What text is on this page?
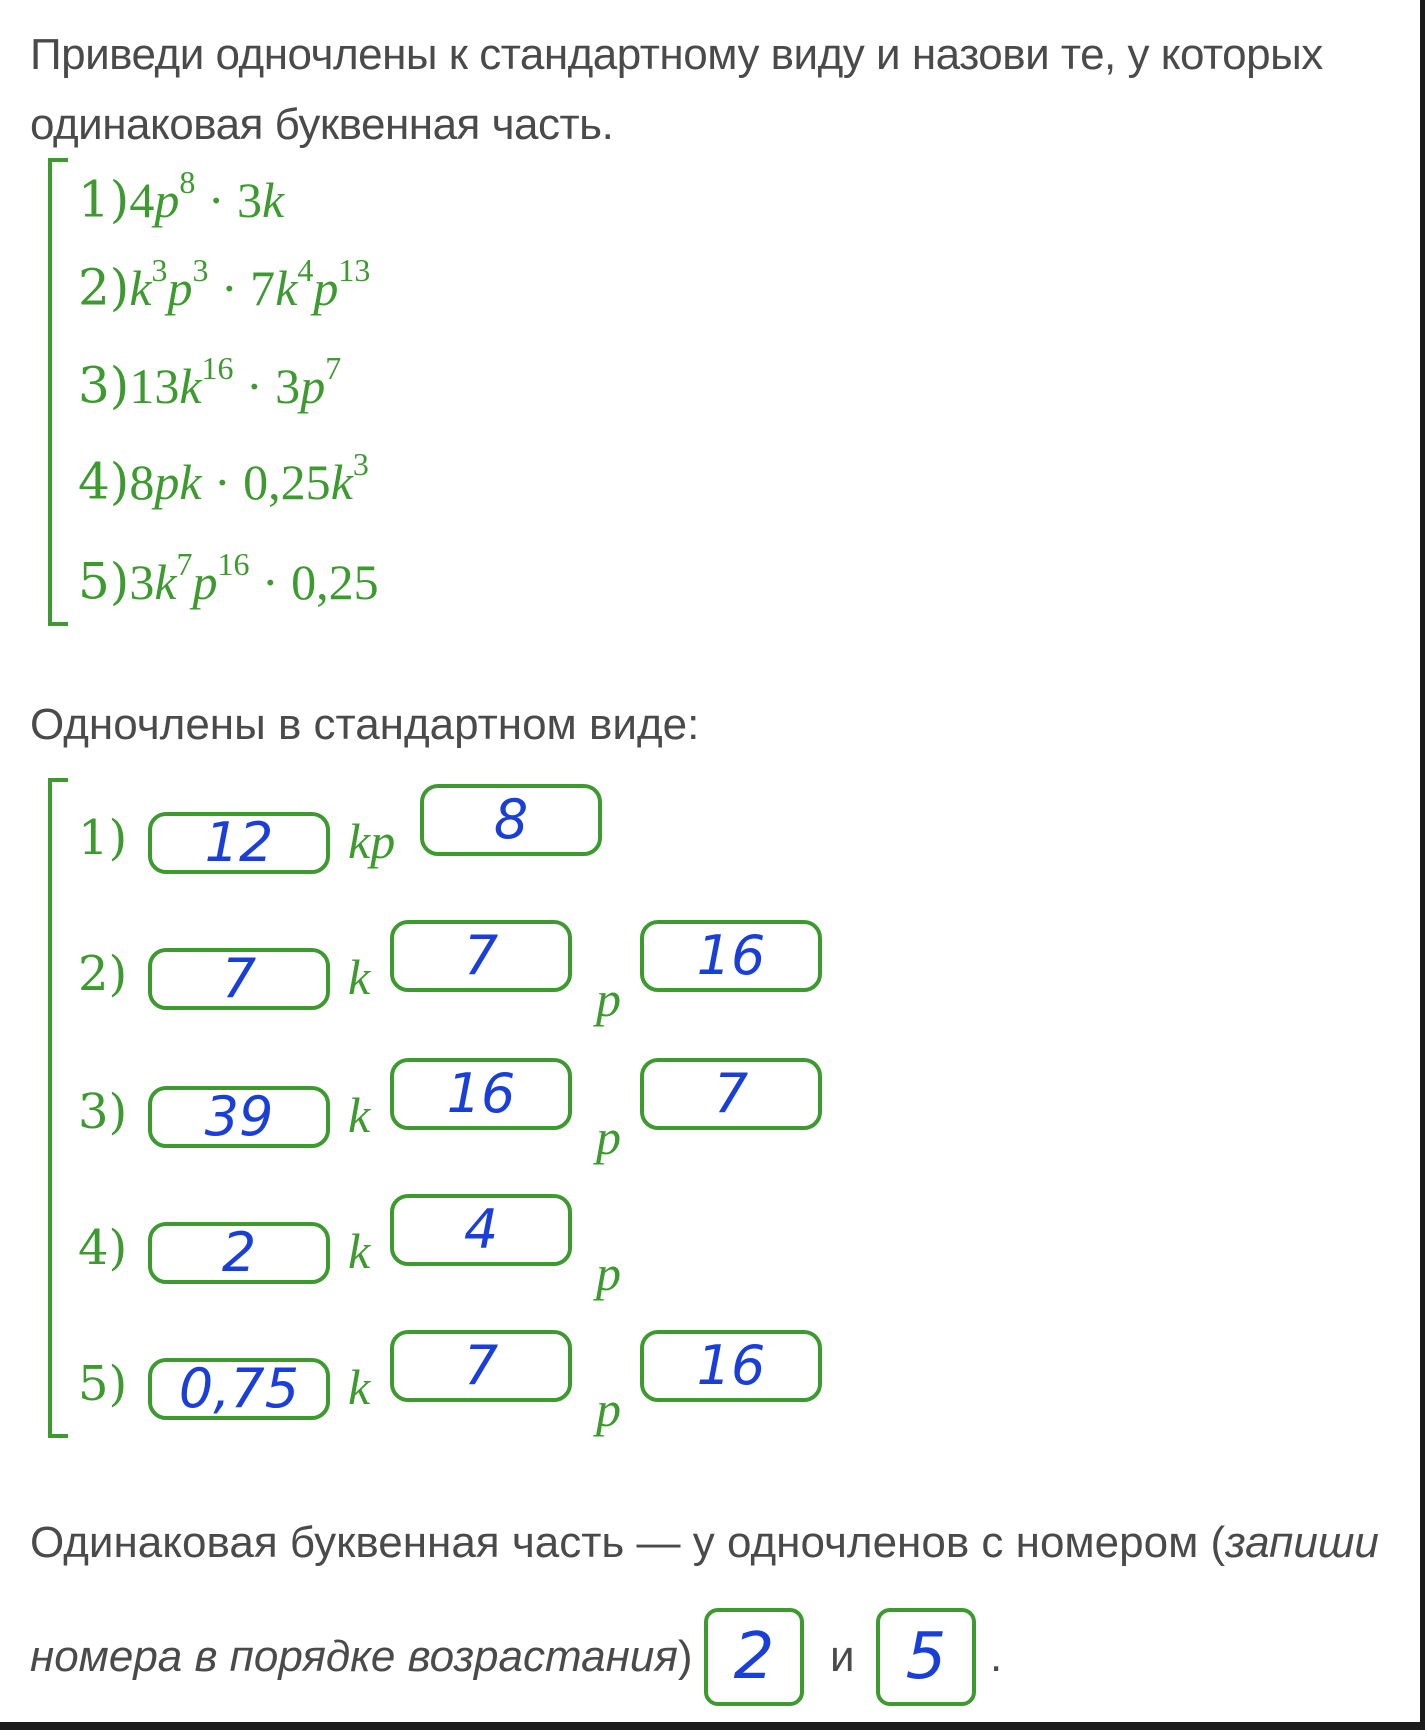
Приведи одночлены к стандартному виду и назови те, у которых одинаковая буквенная часть.
$1)4p^8 \cdot 3k$
$2)k^3p^3 \cdot 7k^4p^{13}$
$3)13k^{16} \cdot 3p^7$
$4)8pk \cdot 0,25k^3$
$5)3k^7p^{16} \cdot 0,25$
Одночлены в стандартном виде:
1) 12 kp 8
2) 7 k 7
p
16
3) 39 k 16
p
7
4) 2 k 4
p
5) 0,75 k 7
p
16
Одинаковая буквенная часть — у одночленов с номером (запиши
номера в порядке возрастания) 2 и 5 .
